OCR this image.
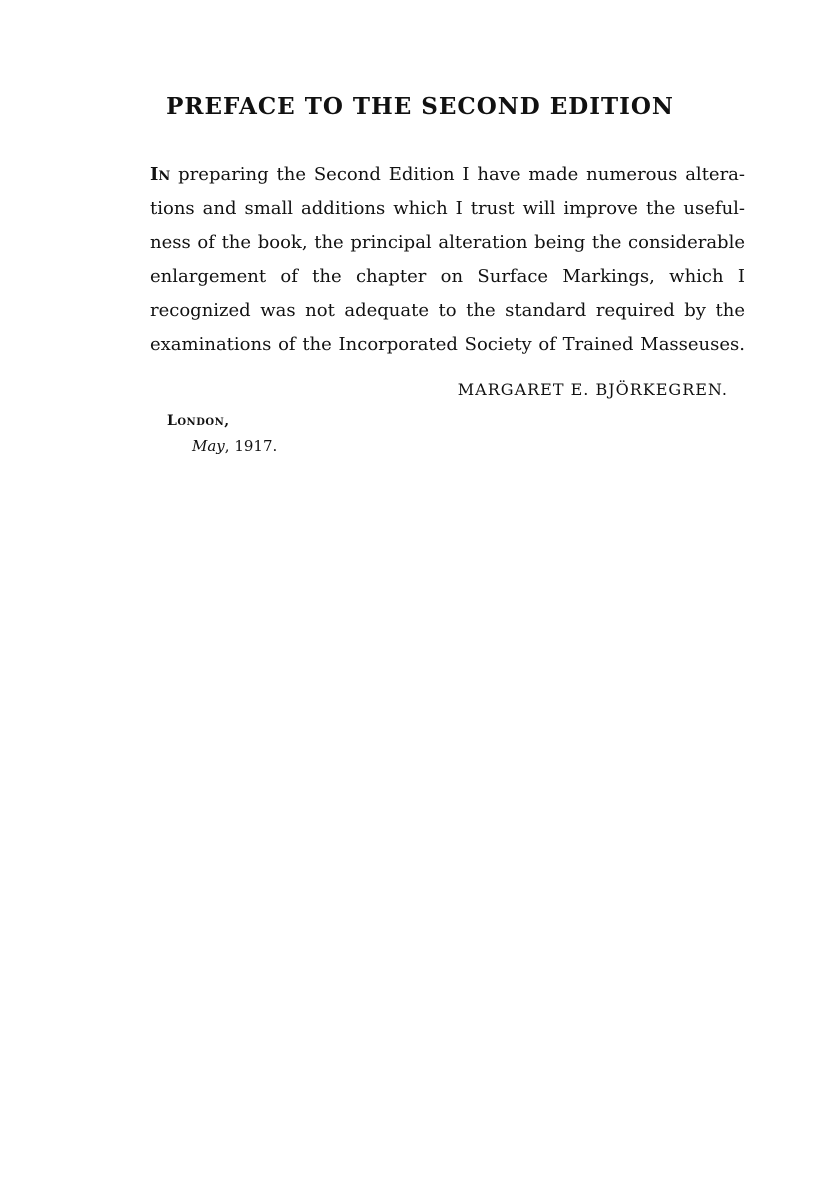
PREFACE TO THE SECOND EDITION
In preparing the Second Edition I have made numerous altera-
tions and small additions which I trust will improve the useful-
ness of the book, the principal alteration being the considerable
enlargement of the chapter on Surface Markings, which I
recognized was not adequate to the standard required by the
examinations of the Incorporated Society of Trained Masseuses.
MARGARET E. BJÖRKEGREN.
London,
May, 1917.
